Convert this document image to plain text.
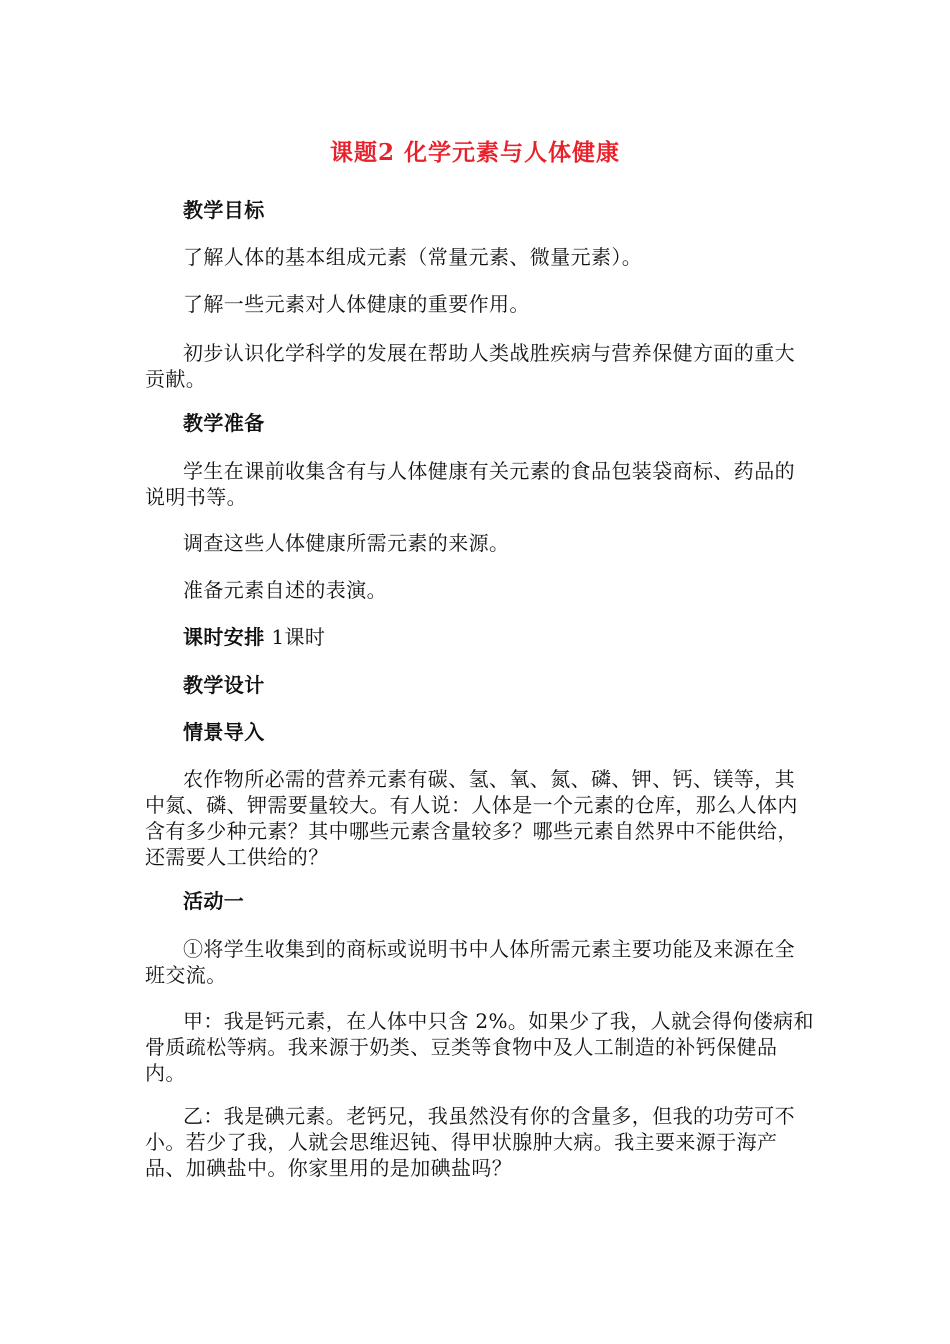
课题2 化学元素与人体健康

教学目标

了解人体的基本组成元素（常量元素、微量元素）。

了解一些元素对人体健康的重要作用。

初步认识化学科学的发展在帮助人类战胜疾病与营养保健方面的重大贡献。

教学准备

学生在课前收集含有与人体健康有关元素的食品包装袋商标、药品的说明书等。

调查这些人体健康所需元素的来源。

准备元素自述的表演。

课时安排 1课时

教学设计

情景导入

农作物所必需的营养元素有碳、氢、氧、氮、磷、钾、钙、镁等，其中氮、磷、钾需要量较大。有人说：人体是一个元素的仓库，那么人体内含有多少种元素？其中哪些元素含量较多？哪些元素自然界中不能供给，还需要人工供给的？

活动一

①将学生收集到的商标或说明书中人体所需元素主要功能及来源在全班交流。

甲：我是钙元素，在人体中只含 2%。如果少了我，人就会得佝偻病和骨质疏松等病。我来源于奶类、豆类等食物中及人工制造的补钙保健品内。

乙：我是碘元素。老钙兄，我虽然没有你的含量多，但我的功劳可不小。若少了我，人就会思维迟钝、得甲状腺肿大病。我主要来源于海产品、加碘盐中。你家里用的是加碘盐吗？
